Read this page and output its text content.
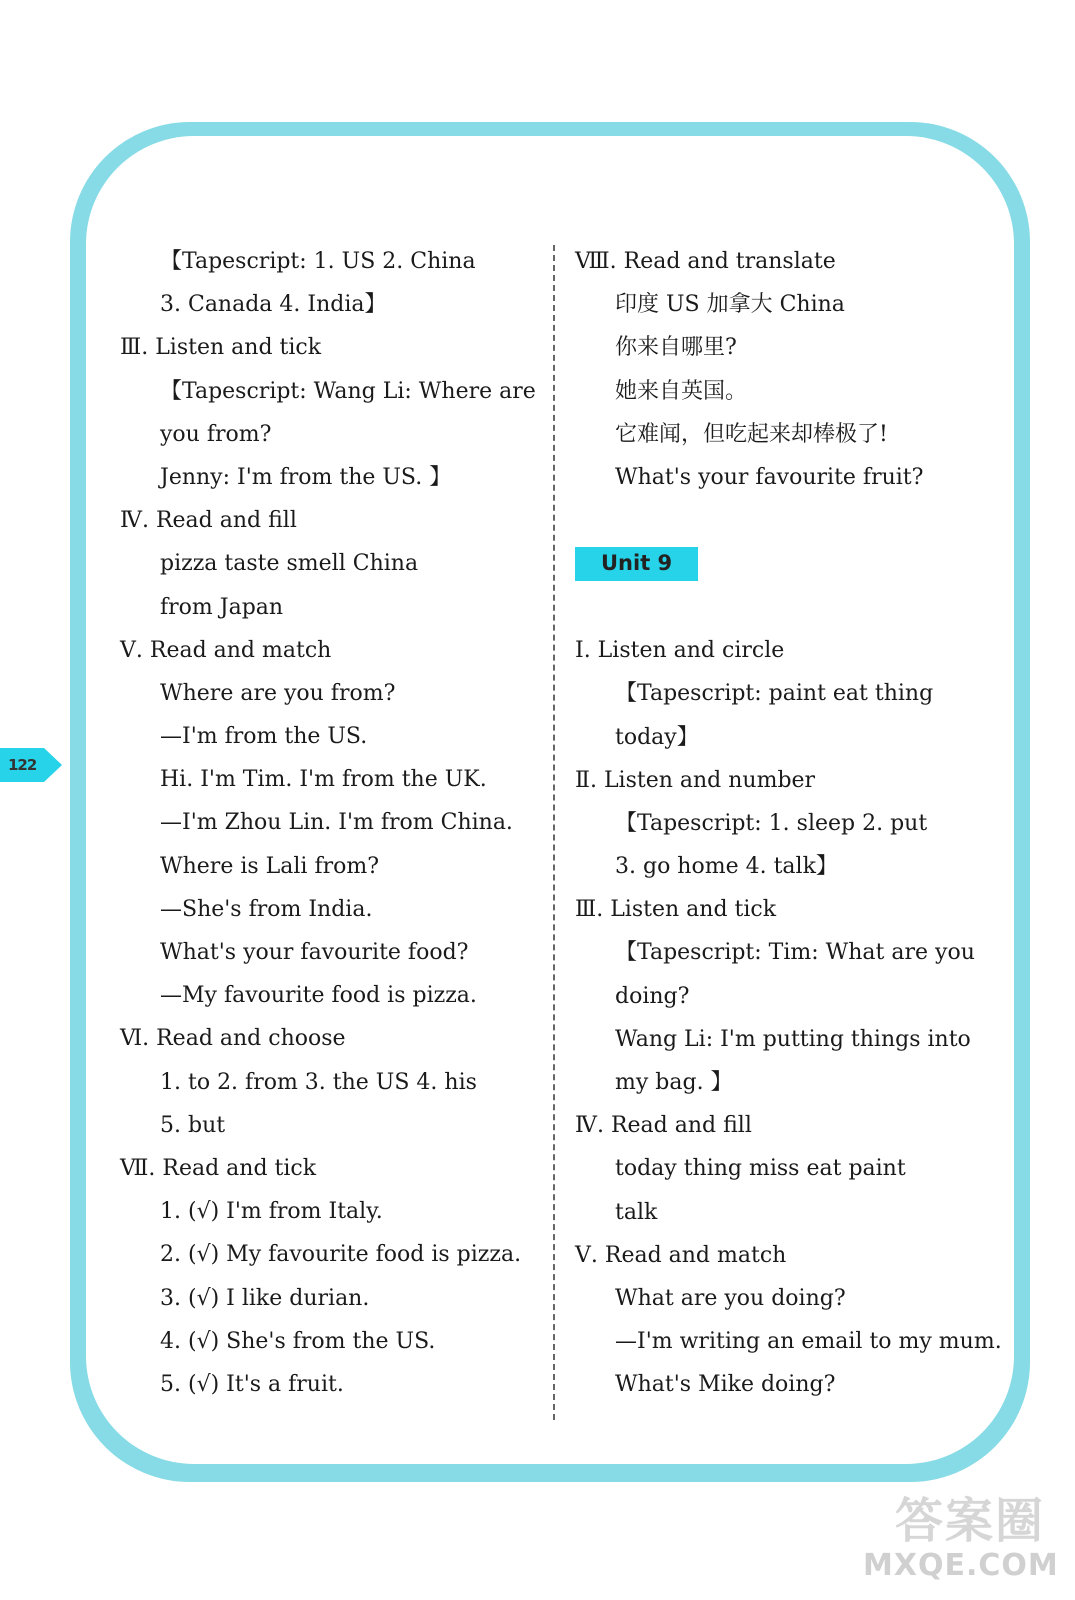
122
【Tapescript: 1. US 2. China
3. Canada 4. India】
Ⅲ. Listen and tick
【Tapescript: Wang Li: Where are
you from?
Jenny: I'm from the US. 】
Ⅳ. Read and fill
pizza taste smell China
from Japan
Ⅴ. Read and match
Where are you from?
—I'm from the US.
Hi. I'm Tim. I'm from the UK.
—I'm Zhou Lin. I'm from China.
Where is Lali from?
—She's from India.
What's your favourite food?
—My favourite food is pizza.
Ⅵ. Read and choose
1. to 2. from 3. the US 4. his
5. but
Ⅶ. Read and tick
1. (√) I'm from Italy.
2. (√) My favourite food is pizza.
3. (√) I like durian.
4. (√) She's from the US.
5. (√) It's a fruit.
Ⅷ. Read and translate
印度 US 加拿大 China
你来自哪里?
她来自英国。
它难闻，但吃起来却棒极了!
What's your favourite fruit?
Unit 9
Ⅰ. Listen and circle
【Tapescript: paint eat thing
today】
Ⅱ. Listen and number
【Tapescript: 1. sleep 2. put
3. go home 4. talk】
Ⅲ. Listen and tick
【Tapescript: Tim: What are you
doing?
Wang Li: I'm putting things into
my bag. 】
Ⅳ. Read and fill
today thing miss eat paint
talk
Ⅴ. Read and match
What are you doing?
—I'm writing an email to my mum.
What's Mike doing?
答案圈
MXQE.COM
